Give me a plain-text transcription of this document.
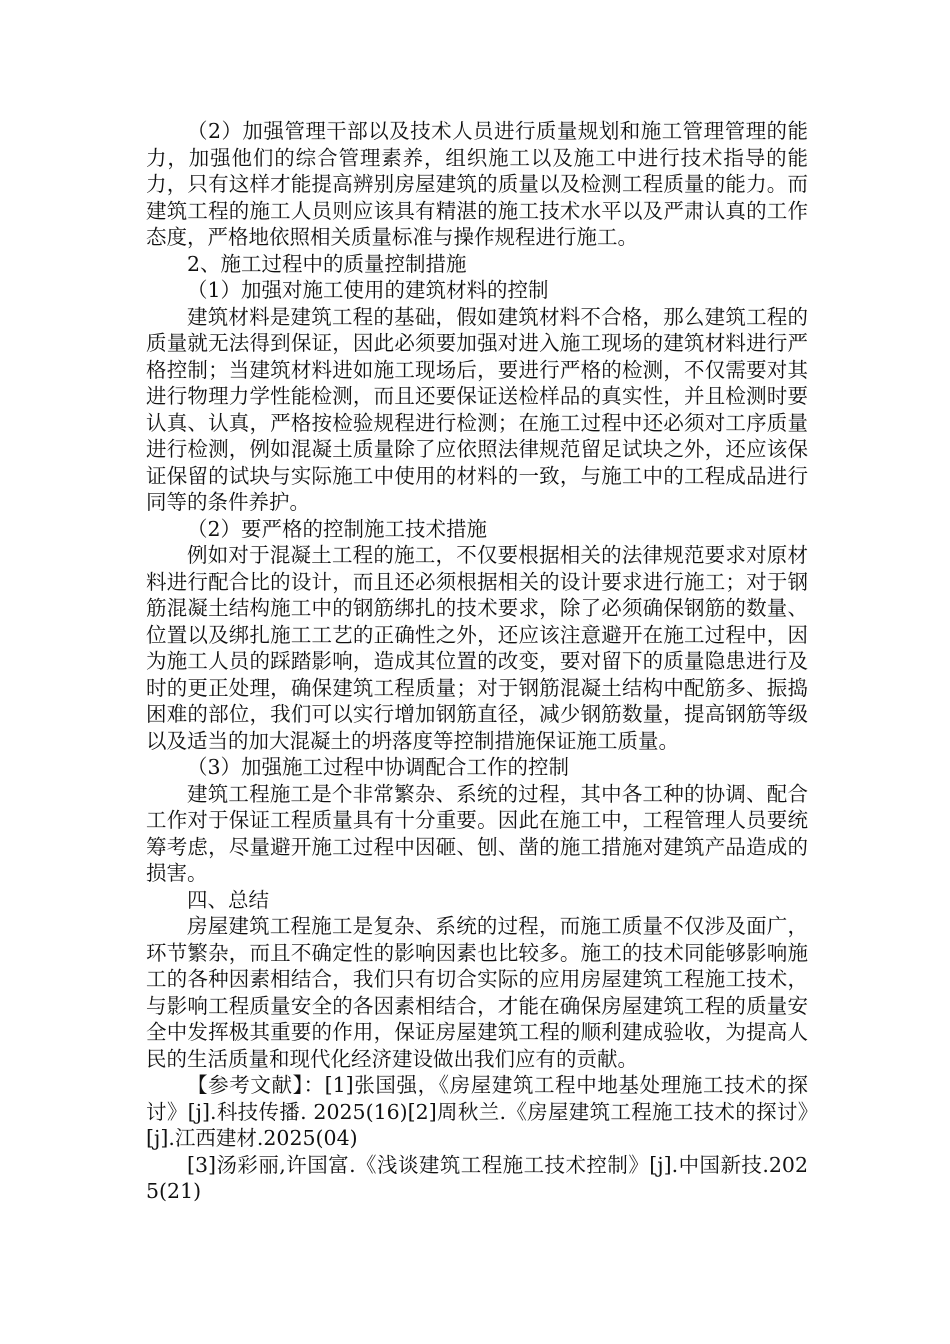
（2）加强管理干部以及技术人员进行质量规划和施工管理管理的能力，加强他们的综合管理素养，组织施工以及施工中进行技术指导的能力，只有这样才能提高辨别房屋建筑的质量以及检测工程质量的能力。而建筑工程的施工人员则应该具有精湛的施工技术水平以及严肃认真的工作态度，严格地依照相关质量标准与操作规程进行施工。

2、施工过程中的质量控制措施

（1）加强对施工使用的建筑材料的控制

建筑材料是建筑工程的基础，假如建筑材料不合格，那么建筑工程的质量就无法得到保证，因此必须要加强对进入施工现场的建筑材料进行严格控制；当建筑材料进如施工现场后，要进行严格的检测，不仅需要对其进行物理力学性能检测，而且还要保证送检样品的真实性，并且检测时要认真、认真，严格按检验规程进行检测；在施工过程中还必须对工序质量进行检测，例如混凝土质量除了应依照法律规范留足试块之外，还应该保证保留的试块与实际施工中使用的材料的一致，与施工中的工程成品进行同等的条件养护。

（2）要严格的控制施工技术措施

例如对于混凝土工程的施工，不仅要根据相关的法律规范要求对原材料进行配合比的设计，而且还必须根据相关的设计要求进行施工；对于钢筋混凝土结构施工中的钢筋绑扎的技术要求，除了必须确保钢筋的数量、位置以及绑扎施工工艺的正确性之外，还应该注意避开在施工过程中，因为施工人员的踩踏影响，造成其位置的改变，要对留下的质量隐患进行及时的更正处理，确保建筑工程质量；对于钢筋混凝土结构中配筋多、振捣困难的部位，我们可以实行增加钢筋直径，减少钢筋数量，提高钢筋等级以及适当的加大混凝土的坍落度等控制措施保证施工质量。

（3）加强施工过程中协调配合工作的控制

建筑工程施工是个非常繁杂、系统的过程，其中各工种的协调、配合工作对于保证工程质量具有十分重要。因此在施工中，工程管理人员要统筹考虑，尽量避开施工过程中因砸、刨、凿的施工措施对建筑产品造成的损害。

四、总结

房屋建筑工程施工是复杂、系统的过程，而施工质量不仅涉及面广，环节繁杂，而且不确定性的影响因素也比较多。施工的技术同能够影响施工的各种因素相结合，我们只有切合实际的应用房屋建筑工程施工技术，与影响工程质量安全的各因素相结合，才能在确保房屋建筑工程的质量安全中发挥极其重要的作用，保证房屋建筑工程的顺利建成验收，为提高人民的生活质量和现代化经济建设做出我们应有的贡献。

【参考文献】：[1]张国强，《房屋建筑工程中地基处理施工技术的探讨》[j].科技传播. 2025(16)[2]周秋兰.《房屋建筑工程施工技术的探讨》[j].江西建材.2025(04)

[3]汤彩丽,许国富.《浅谈建筑工程施工技术控制》[j].中国新技.2025(21)
